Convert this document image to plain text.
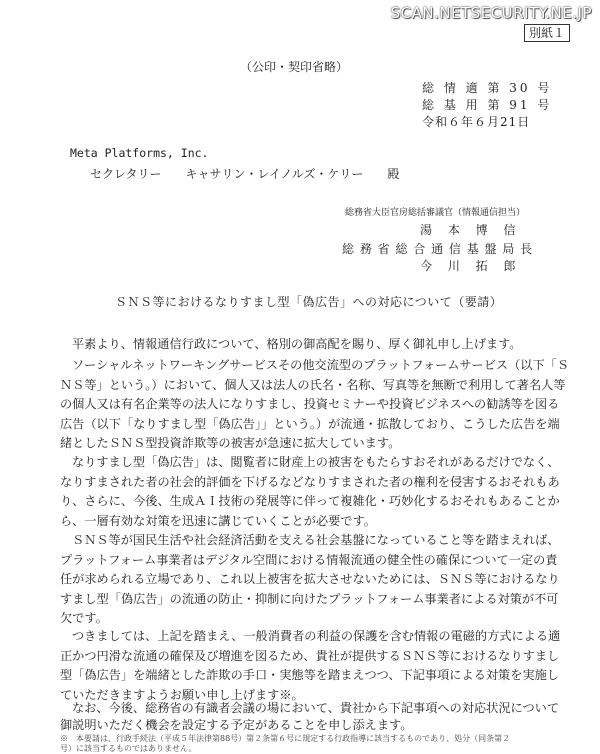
SCAN.NETSECURITY.NE.JP
別紙１
（公印・契印省略）
総 情 適 第 30 号
総 基 用 第 91 号
令和６年６月21日
Meta Platforms, Inc.
セクレタリー　　キャサリン・レイノルズ・ケリー　　殿
総務省大臣官房総括審議官（情報通信担当）
湯 本 博 信
総 務 省 総 合 通 信 基 盤 局 長
今 川 拓 郎
ＳＮＳ等におけるなりすまし型「偽広告」への対応について（要請）
平素より、情報通信行政について、格別の御高配を賜り、厚く御礼申し上げます。
ソーシャルネットワーキングサービスその他交流型のプラットフォームサービス（以下「Ｓ
ＮＳ等」という。）において、個人又は法人の氏名・名称、写真等を無断で利用して著名人等
の個人又は有名企業等の法人になりすまし、投資セミナーや投資ビジネスへの勧誘等を図る
広告（以下「なりすまし型「偽広告」」という。）が流通・拡散しており、こうした広告を端
緒としたＳＮＳ型投資詐欺等の被害が急速に拡大しています。
なりすまし型「偽広告」は、閲覧者に財産上の被害をもたらすおそれがあるだけでなく、
なりすまされた者の社会的評価を下げるなどなりすまされた者の権利を侵害するおそれもあ
り、さらに、今後、生成ＡＩ技術の発展等に伴って複雑化・巧妙化するおそれもあることか
ら、一層有効な対策を迅速に講じていくことが必要です。
ＳＮＳ等が国民生活や社会経済活動を支える社会基盤になっていること等を踏まえれば、
プラットフォーム事業者はデジタル空間における情報流通の健全性の確保について一定の責
任が求められる立場であり、これ以上被害を拡大させないためには、ＳＮＳ等におけるなり
すまし型「偽広告」の流通の防止・抑制に向けたプラットフォーム事業者による対策が不可
欠です。
つきましては、上記を踏まえ、一般消費者の利益の保護を含む情報の電磁的方式による適
正かつ円滑な流通の確保及び増進を図るため、貴社が提供するＳＮＳ等におけるなりすまし
型「偽広告」を端緒とした詐欺の手口・実態等を踏まえつつ、下記事項による対策を実施し
ていただきますようお願い申し上げます※。
なお、今後、総務省の有識者会議の場において、貴社から下記事項への対応状況について
御説明いただく機会を設定する予定があることを申し添えます。
※　本要請は、行政手続法（平成５年法律第88号）第２条第６号に規定する行政指導に該当するものであり、処分（同条第２
号）に該当するものではありません。
